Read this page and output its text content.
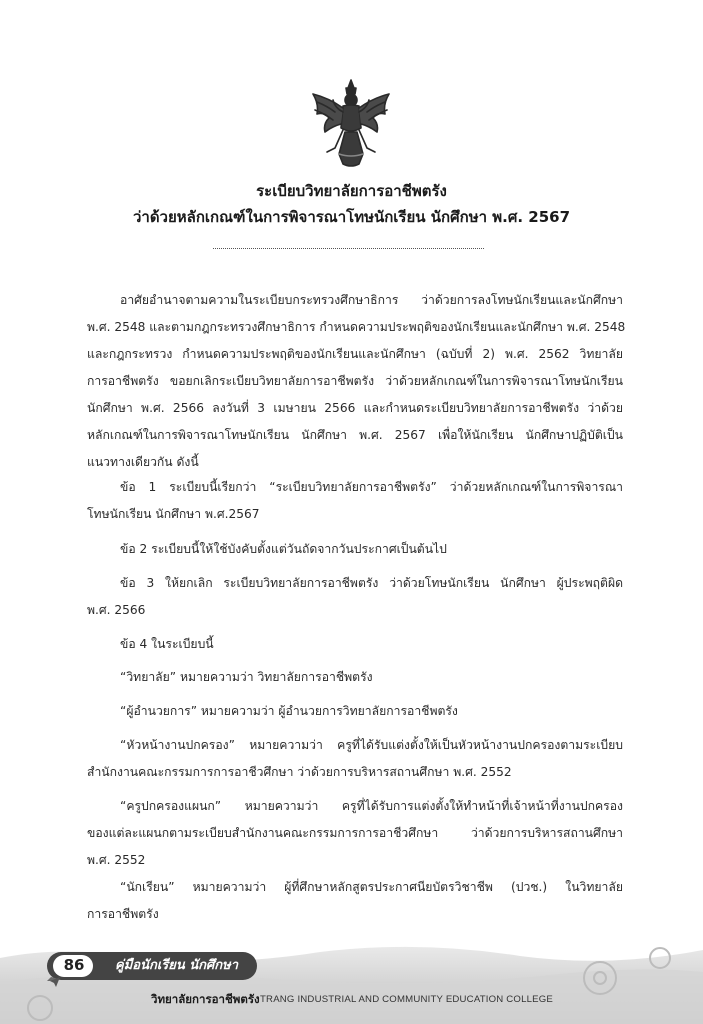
ระเบียบวิทยาลัยการอาชีพตรัง
ว่าด้วยหลักเกณฑ์ในการพิจารณาโทษนักเรียน นักศึกษา พ.ศ. 2567
อาศัยอำนาจตามความในระเบียบกระทรวงศึกษาธิการ ว่าด้วยการลงโทษนักเรียนและนักศึกษา
พ.ศ. 2548 และตามกฎกระทรวงศึกษาธิการ กำหนดความประพฤติของนักเรียนและนักศึกษา พ.ศ. 2548
และกฎกระทรวง กำหนดความประพฤติของนักเรียนและนักศึกษา (ฉบับที่ 2) พ.ศ. 2562 วิทยาลัย
การอาชีพตรัง ขอยกเลิกระเบียบวิทยาลัยการอาชีพตรัง ว่าด้วยหลักเกณฑ์ในการพิจารณาโทษนักเรียน
นักศึกษา พ.ศ. 2566 ลงวันที่ 3 เมษายน 2566 และกำหนดระเบียบวิทยาลัยการอาชีพตรัง ว่าด้วย
หลักเกณฑ์ในการพิจารณาโทษนักเรียน นักศึกษา พ.ศ. 2567 เพื่อให้นักเรียน นักศึกษาปฏิบัติเป็น
แนวทางเดียวกัน ดังนี้
ข้อ 1 ระเบียบนี้เรียกว่า “ระเบียบวิทยาลัยการอาชีพตรัง” ว่าด้วยหลักเกณฑ์ในการพิจารณา
โทษนักเรียน นักศึกษา พ.ศ.2567
ข้อ 2 ระเบียบนี้ให้ใช้บังคับตั้งแต่วันถัดจากวันประกาศเป็นต้นไป
ข้อ 3 ให้ยกเลิก ระเบียบวิทยาลัยการอาชีพตรัง ว่าด้วยโทษนักเรียน นักศึกษา ผู้ประพฤติผิด
พ.ศ. 2566
ข้อ 4 ในระเบียบนี้
“วิทยาลัย” หมายความว่า วิทยาลัยการอาชีพตรัง
“ผู้อำนวยการ” หมายความว่า ผู้อำนวยการวิทยาลัยการอาชีพตรัง
“หัวหน้างานปกครอง” หมายความว่า ครูที่ได้รับแต่งตั้งให้เป็นหัวหน้างานปกครองตามระเบียบ
สำนักงานคณะกรรมการการอาชีวศึกษา ว่าด้วยการบริหารสถานศึกษา พ.ศ. 2552
“ครูปกครองแผนก” หมายความว่า ครูที่ได้รับการแต่งตั้งให้ทำหน้าที่เจ้าหน้าที่งานปกครอง
ของแต่ละแผนกตามระเบียบสำนักงานคณะกรรมการการอาชีวศึกษา ว่าด้วยการบริหารสถานศึกษา
พ.ศ. 2552
“นักเรียน” หมายความว่า ผู้ที่ศึกษาหลักสูตรประกาศนียบัตรวิชาชีพ (ปวช.) ในวิทยาลัย
การอาชีพตรัง
86	คู่มือนักเรียน นักศึกษา
วิทยาลัยการอาชีพตรัง TRANG INDUSTRIAL AND COMMUNITY EDUCATION COLLEGE
